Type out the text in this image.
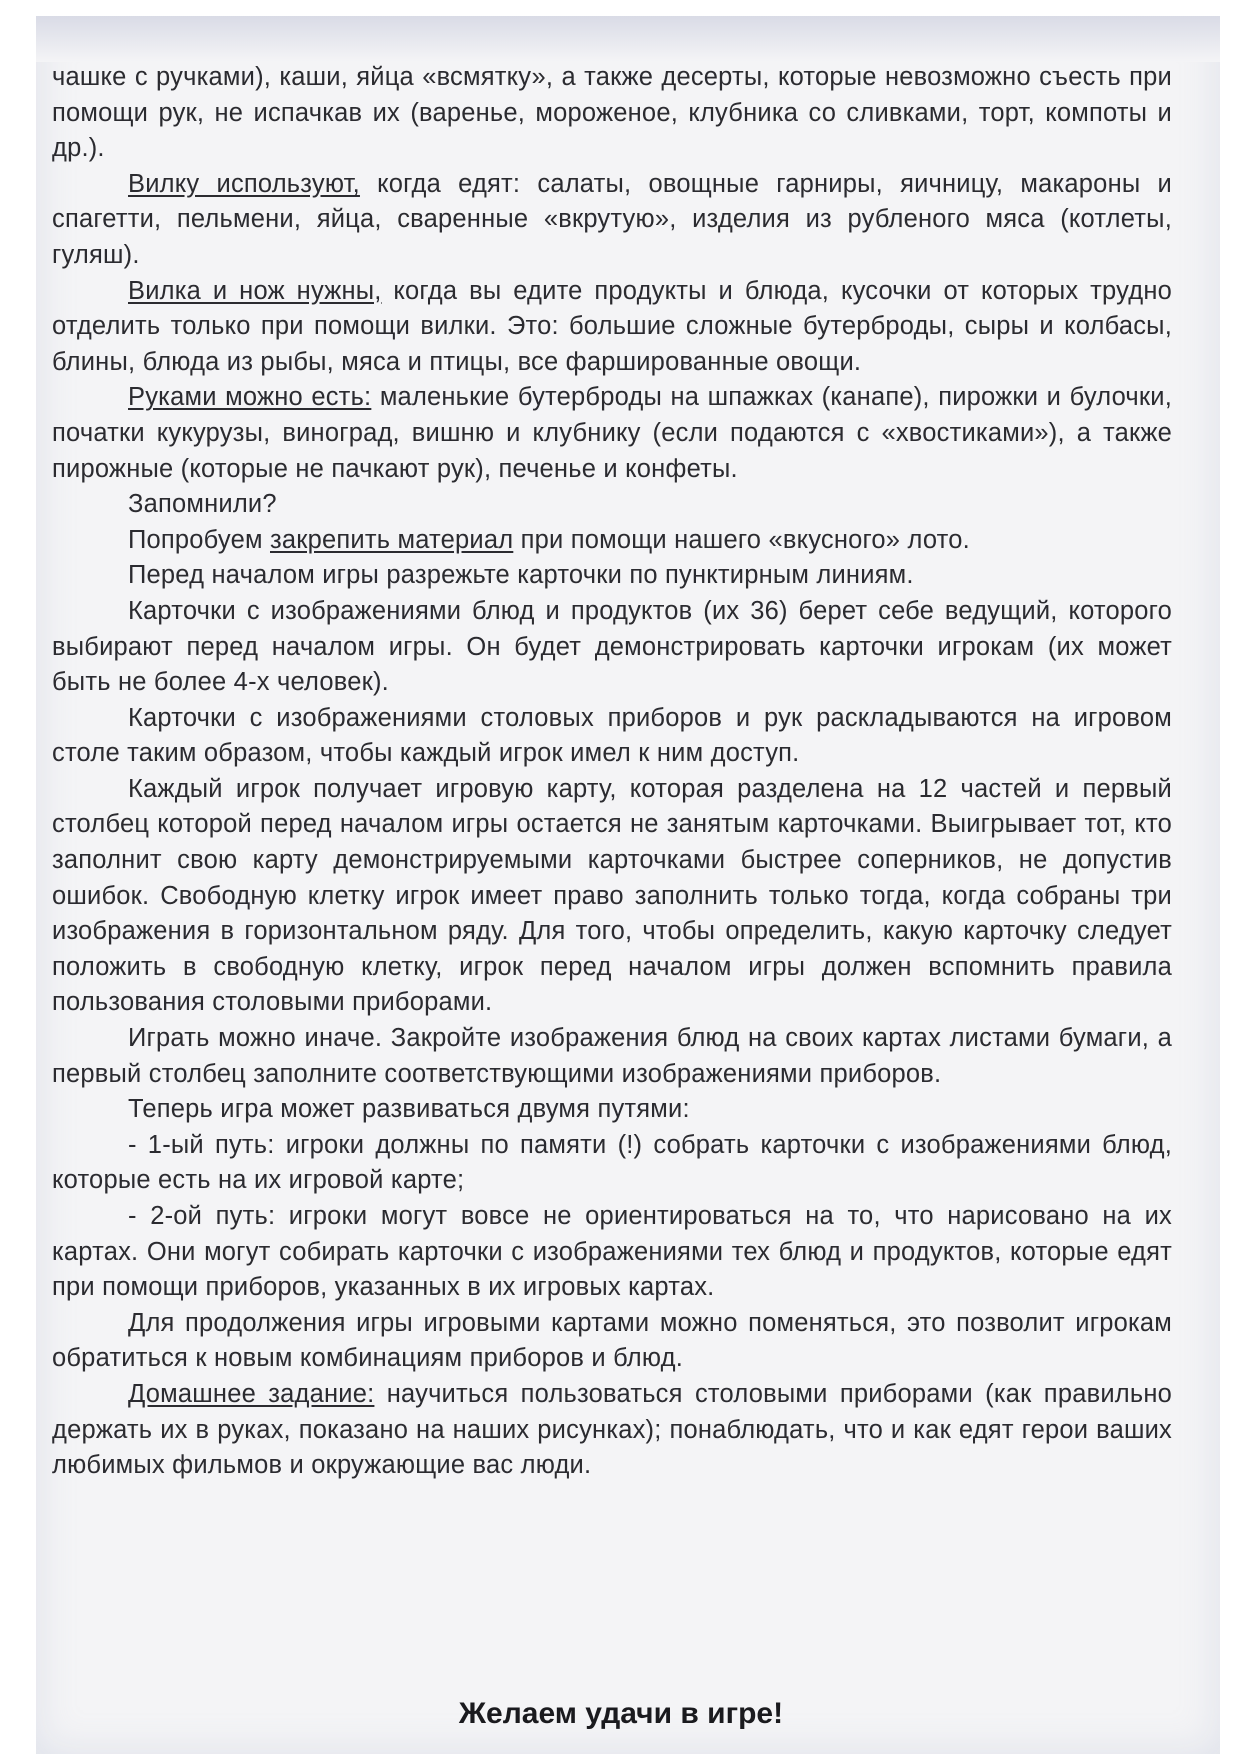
чашке с ручками), каши, яйца «всмятку», а также десерты, которые невозможно съесть при помощи рук, не испачкав их (варенье, мороженое, клубника со сливками, торт, компоты и др.).

Вилку используют, когда едят: салаты, овощные гарниры, яичницу, макароны и спагетти, пельмени, яйца, сваренные «вкрутую», изделия из рубленого мяса (котлеты, гуляш).

Вилка и нож нужны, когда вы едите продукты и блюда, кусочки от которых трудно отделить только при помощи вилки. Это: большие сложные бутерброды, сыры и колбасы, блины, блюда из рыбы, мяса и птицы, все фаршированные овощи.

Руками можно есть: маленькие бутерброды на шпажках (канапе), пирожки и булочки, початки кукурузы, виноград, вишню и клубнику (если подаются с «хвостиками»), а также пирожные (которые не пачкают рук), печенье и конфеты.

Запомнили?

Попробуем закрепить материал при помощи нашего «вкусного» лото.

Перед началом игры разрежьте карточки по пунктирным линиям.

Карточки с изображениями блюд и продуктов (их 36) берет себе ведущий, которого выбирают перед началом игры. Он будет демонстрировать карточки игрокам (их может быть не более 4-х человек).

Карточки с изображениями столовых приборов и рук раскладываются на игровом столе таким образом, чтобы каждый игрок имел к ним доступ.

Каждый игрок получает игровую карту, которая разделена на 12 частей и первый столбец которой перед началом игры остается не занятым карточками. Выигрывает тот, кто заполнит свою карту демонстрируемыми карточками быстрее соперников, не допустив ошибок. Свободную клетку игрок имеет право заполнить только тогда, когда собраны три изображения в горизонтальном ряду. Для того, чтобы определить, какую карточку следует положить в свободную клетку, игрок перед началом игры должен вспомнить правила пользования столовыми приборами.

Играть можно иначе. Закройте изображения блюд на своих картах листами бумаги, а первый столбец заполните соответствующими изображениями приборов.

Теперь игра может развиваться двумя путями:

- 1-ый путь: игроки должны по памяти (!) собрать карточки с изображениями блюд, которые есть на их игровой карте;

- 2-ой путь: игроки могут вовсе не ориентироваться на то, что нарисовано на их картах. Они могут собирать карточки с изображениями тех блюд и продуктов, которые едят при помощи приборов, указанных в их игровых картах.

Для продолжения игры игровыми картами можно поменяться, это позволит игрокам обратиться к новым комбинациям приборов и блюд.

Домашнее задание: научиться пользоваться столовыми приборами (как правильно держать их в руках, показано на наших рисунках); понаблюдать, что и как едят герои ваших любимых фильмов и окружающие вас люди.

Желаем удачи в игре!
